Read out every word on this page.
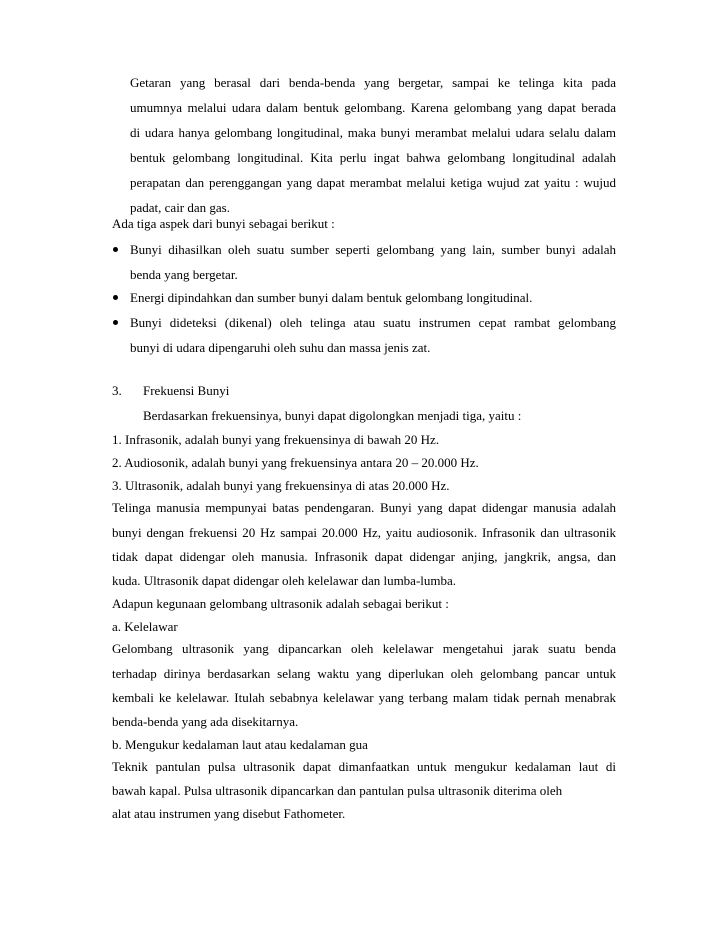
Getaran yang berasal dari benda-benda yang bergetar, sampai ke telinga kita pada
umumnya melalui udara dalam bentuk gelombang. Karena gelombang yang dapat berada
di udara hanya gelombang longitudinal, maka bunyi merambat melalui udara selalu dalam
bentuk gelombang longitudinal. Kita perlu ingat bahwa gelombang longitudinal adalah
perapatan dan perenggangan yang dapat merambat melalui ketiga wujud zat yaitu : wujud
padat, cair dan gas.
Ada tiga aspek dari bunyi sebagai berikut :
Bunyi dihasilkan oleh suatu sumber seperti gelombang yang lain, sumber bunyi adalah
benda yang bergetar.
Energi dipindahkan dan sumber bunyi dalam bentuk gelombang longitudinal.
Bunyi dideteksi (dikenal) oleh telinga atau suatu instrumen cepat rambat gelombang
bunyi di udara dipengaruhi oleh suhu dan massa jenis zat.
3. Frekuensi Bunyi
Berdasarkan frekuensinya, bunyi dapat digolongkan menjadi tiga, yaitu :
1. Infrasonik, adalah bunyi yang frekuensinya di bawah 20 Hz.
2. Audiosonik, adalah bunyi yang frekuensinya antara 20 – 20.000 Hz.
3. Ultrasonik, adalah bunyi yang frekuensinya di atas 20.000 Hz.
Telinga manusia mempunyai batas pendengaran. Bunyi yang dapat didengar manusia adalah
bunyi dengan frekuensi 20 Hz sampai 20.000 Hz, yaitu audiosonik. Infrasonik dan ultrasonik
tidak dapat didengar oleh manusia. Infrasonik dapat didengar anjing, jangkrik, angsa, dan
kuda. Ultrasonik dapat didengar oleh kelelawar dan lumba-lumba.
Adapun kegunaan gelombang ultrasonik adalah sebagai berikut :
a. Kelelawar
Gelombang ultrasonik yang dipancarkan oleh kelelawar mengetahui jarak suatu benda
terhadap dirinya berdasarkan selang waktu yang diperlukan oleh gelombang pancar untuk
kembali ke kelelawar. Itulah sebabnya kelelawar yang terbang malam tidak pernah menabrak
benda-benda yang ada disekitarnya.
b. Mengukur kedalaman laut atau kedalaman gua
Teknik pantulan pulsa ultrasonik dapat dimanfaatkan untuk mengukur kedalaman laut di
bawah kapal. Pulsa ultrasonik dipancarkan dan pantulan pulsa ultrasonik diterima oleh
alat atau instrumen yang disebut Fathometer.
